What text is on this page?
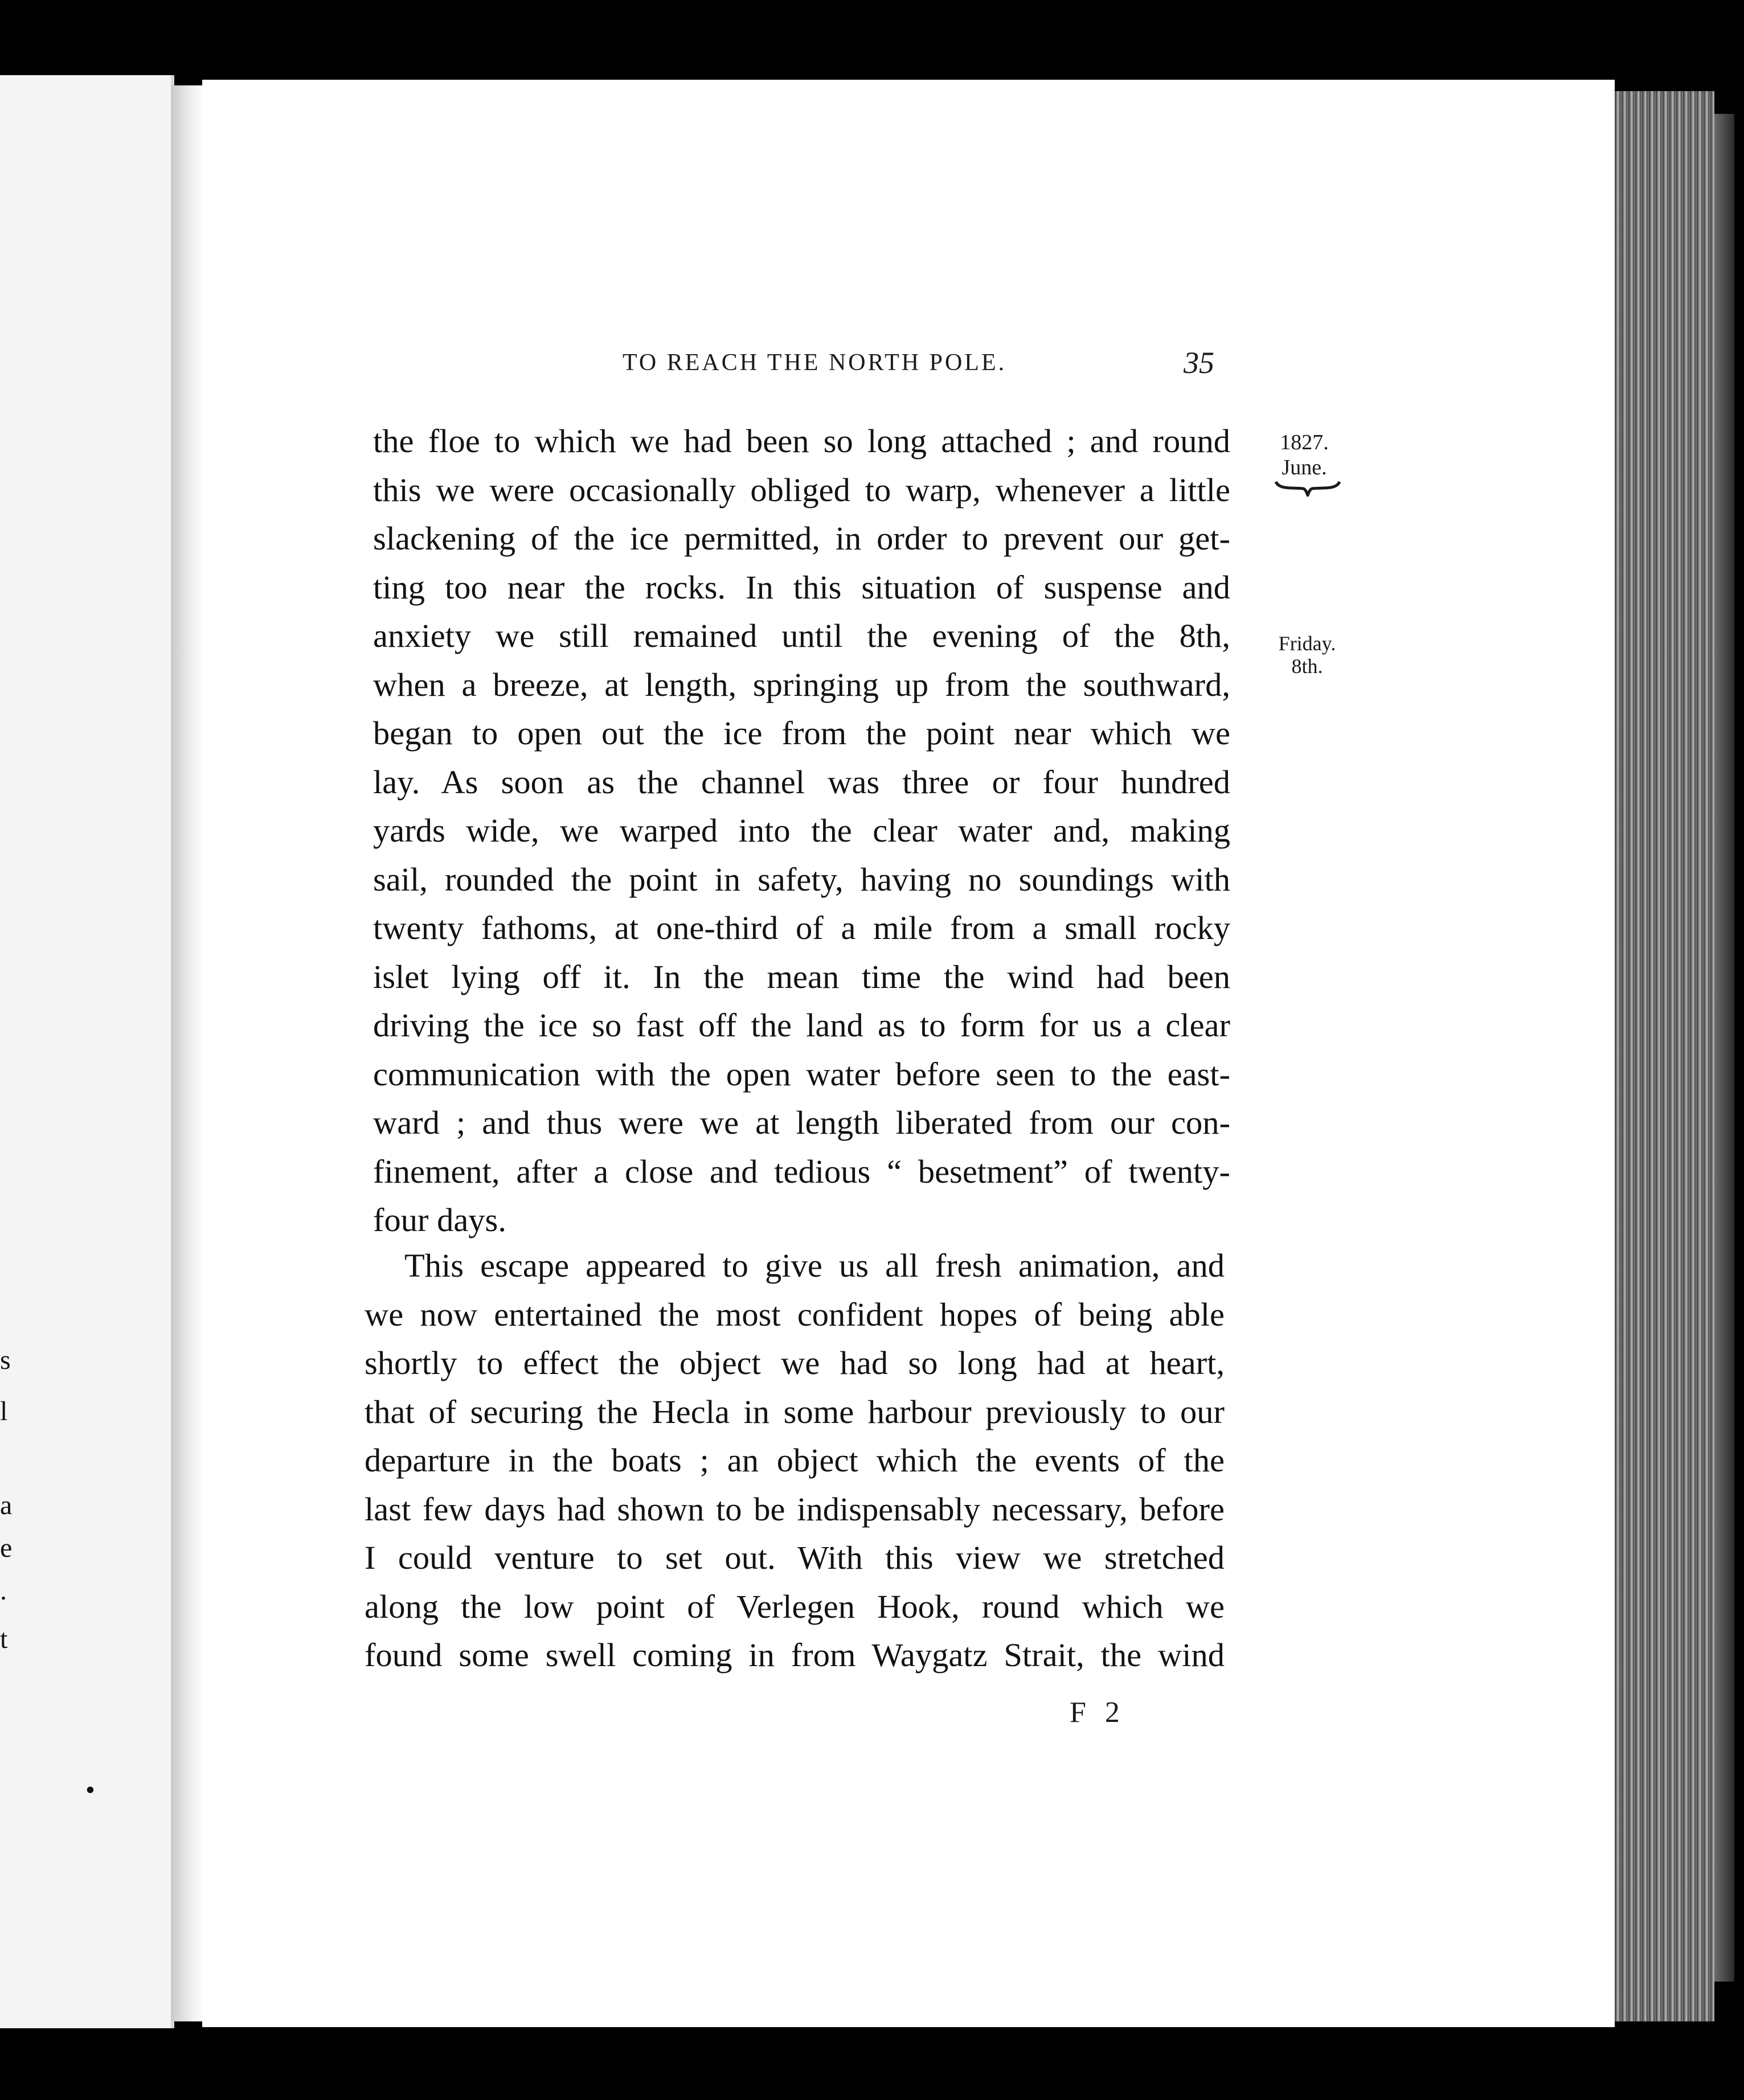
s
l
a
e
.
t
•
TO REACH THE NORTH POLE.	35
1827.
June.
Friday.
8th.
the floe to which we had been so long attached ; and round
this we were occasionally obliged to warp, whenever a little
slackening of the ice permitted, in order to prevent our get-
ting too near the rocks. In this situation of suspense and
anxiety we still remained until the evening of the 8th,
when a breeze, at length, springing up from the southward,
began to open out the ice from the point near which we
lay. As soon as the channel was three or four hundred
yards wide, we warped into the clear water and, making
sail, rounded the point in safety, having no soundings with
twenty fathoms, at one-third of a mile from a small rocky
islet lying off it. In the mean time the wind had been
driving the ice so fast off the land as to form for us a clear
communication with the open water before seen to the east-
ward ; and thus were we at length liberated from our con-
finement, after a close and tedious “ besetment” of twenty-
four days.
This escape appeared to give us all fresh animation, and
we now entertained the most confident hopes of being able
shortly to effect the object we had so long had at heart,
that of securing the Hecla in some harbour previously to our
departure in the boats ; an object which the events of the
last few days had shown to be indispensably necessary, before
I could venture to set out. With this view we stretched
along the low point of Verlegen Hook, round which we
found some swell coming in from Waygatz Strait, the wind
F 2
